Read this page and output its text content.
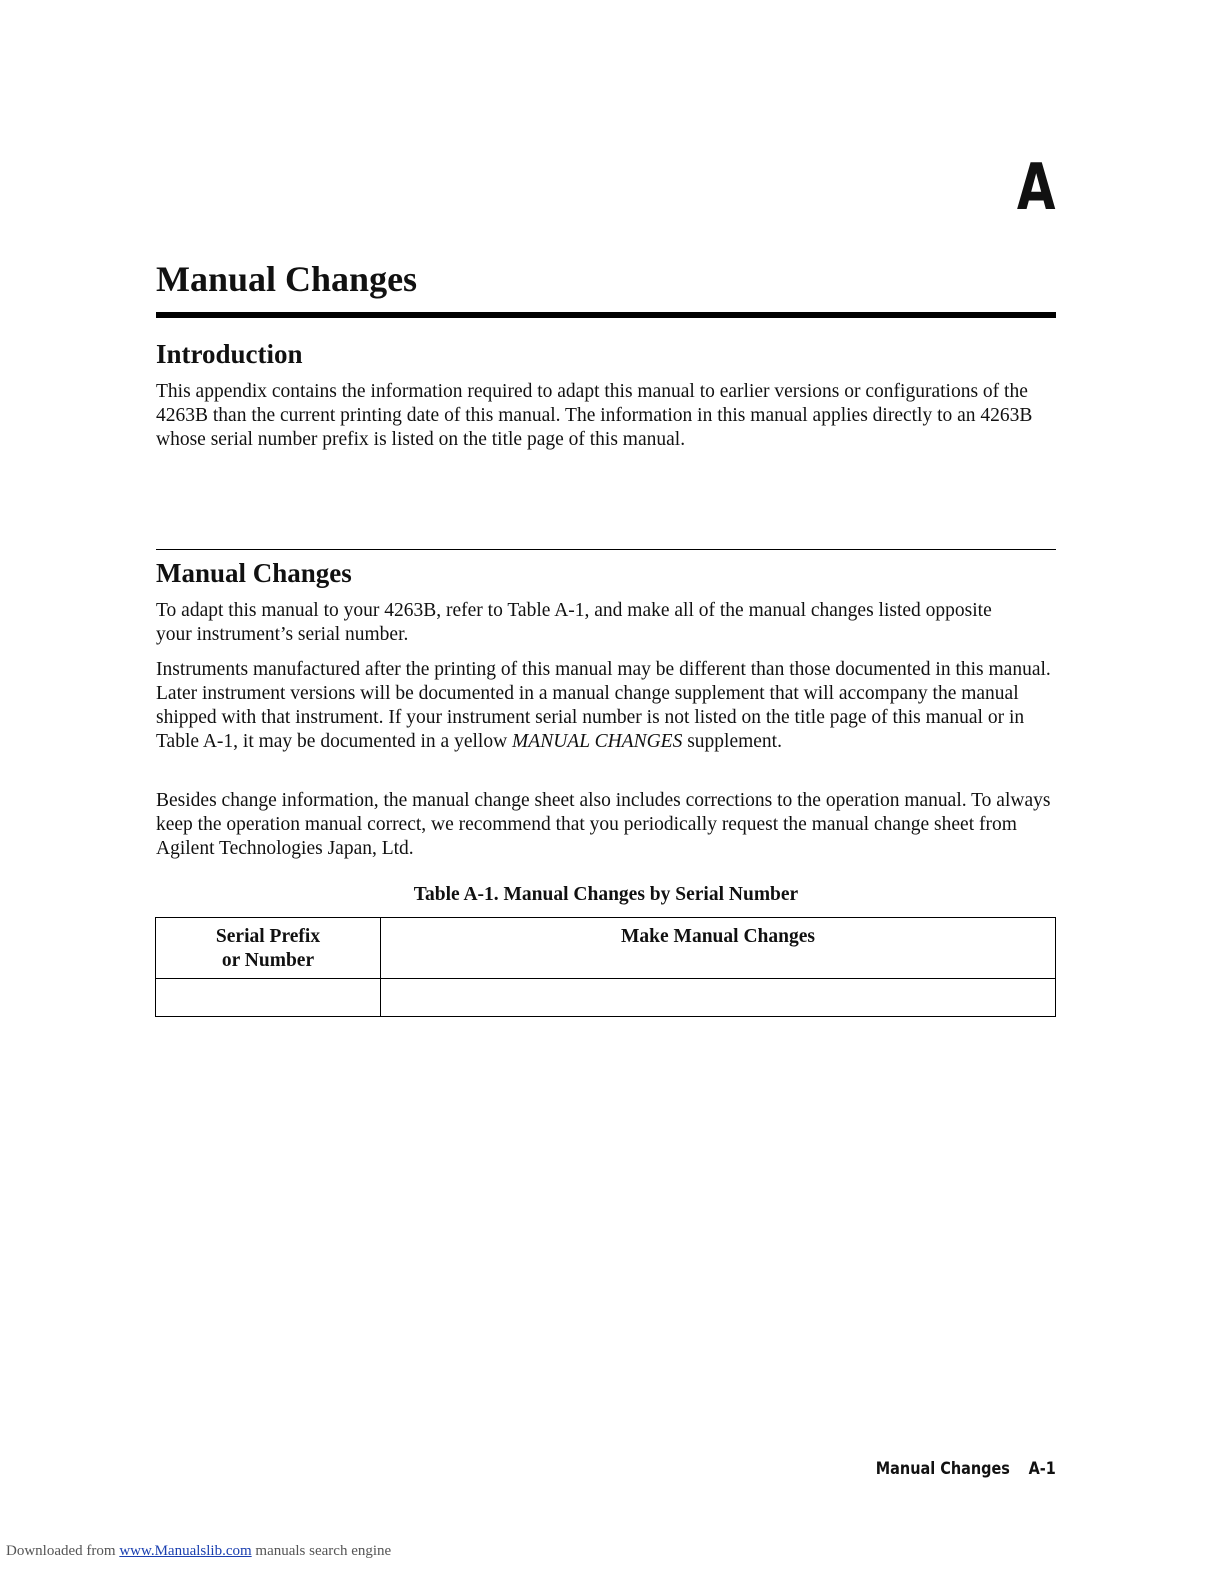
A
Manual Changes
Introduction

This appendix contains the information required to adapt this manual to earlier versions or configurations of the 4263B than the current printing date of this manual. The information in this manual applies directly to an 4263B whose serial number prefix is listed on the title page of this manual.

Manual Changes

To adapt this manual to your 4263B, refer to Table A-1, and make all of the manual changes listed opposite your instrument’s serial number.

Instruments manufactured after the printing of this manual may be different than those documented in this manual. Later instrument versions will be documented in a manual change supplement that will accompany the manual shipped with that instrument. If your instrument serial number is not listed on the title page of this manual or in Table A-1, it may be documented in a yellow MANUAL CHANGES supplement.

Besides change information, the manual change sheet also includes corrections to the operation manual. To always keep the operation manual correct, we recommend that you periodically request the manual change sheet from Agilent Technologies Japan, Ltd.

Table A-1. Manual Changes by Serial Number
Serial Prefix
or Number	Make Manual Changes

Manual Changes A-1
Downloaded from www.Manualslib.com manuals search engine
